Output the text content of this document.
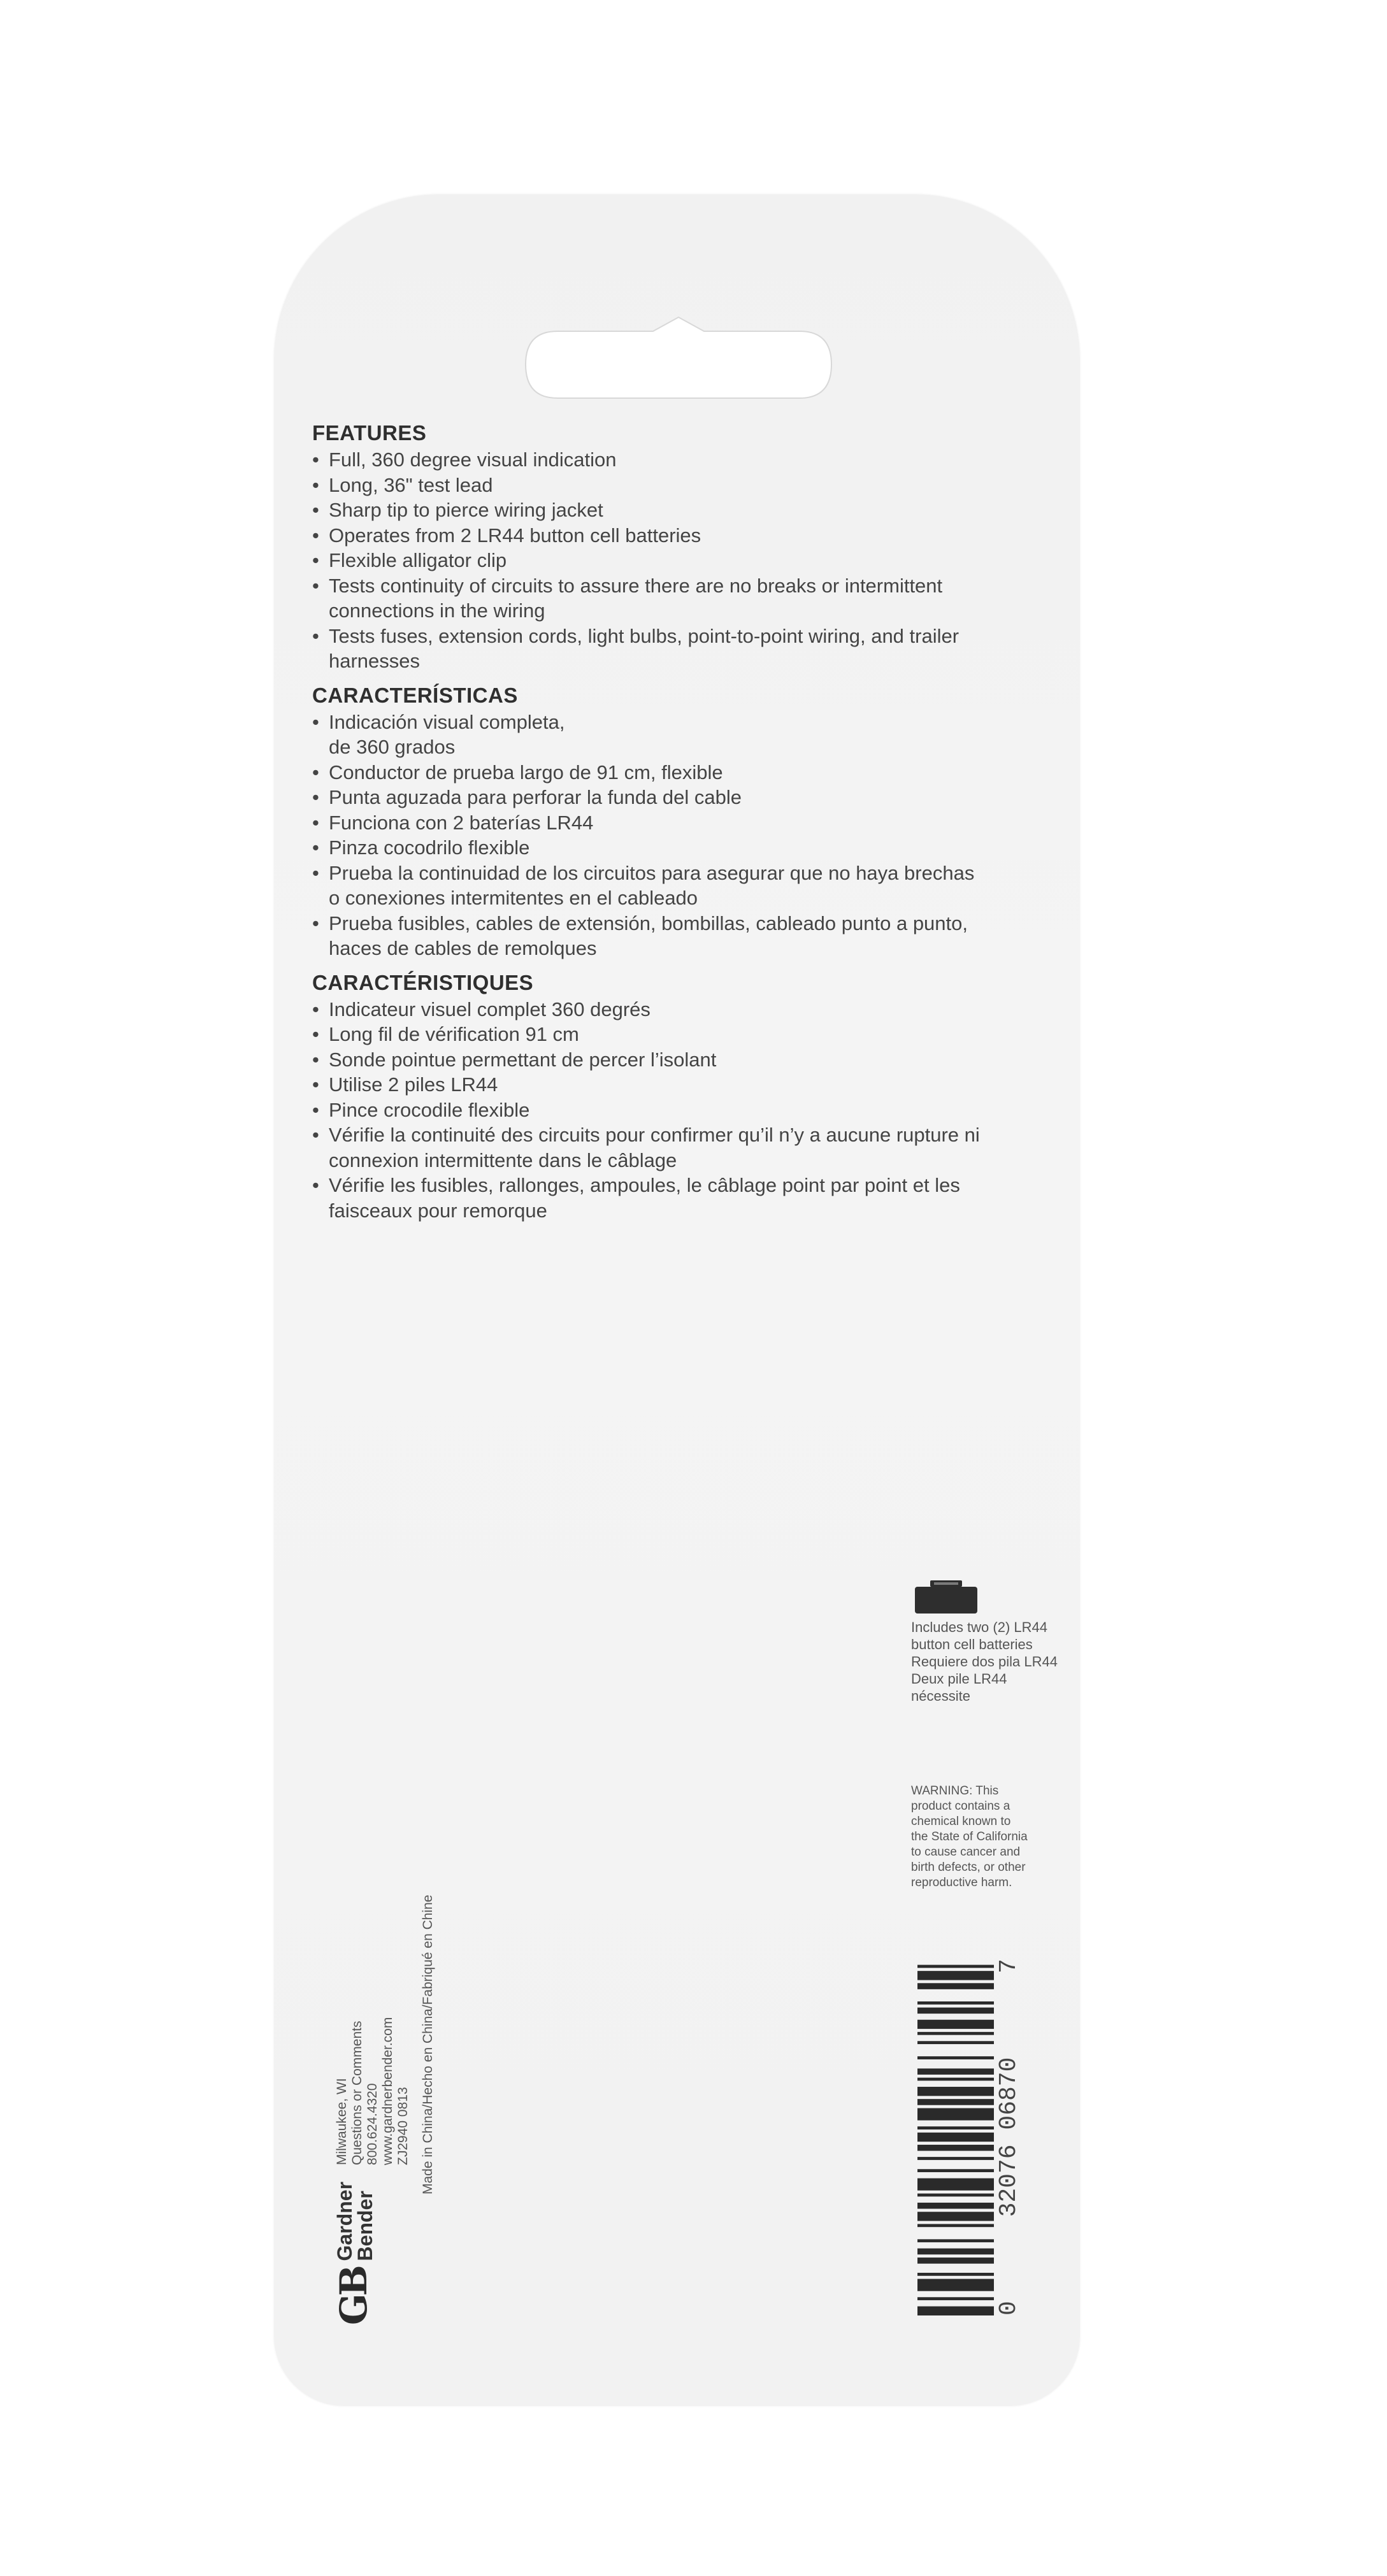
FEATURES
• Full, 360 degree visual indication
• Long, 36" test lead
• Sharp tip to pierce wiring jacket
• Operates from 2 LR44 button cell batteries
• Flexible alligator clip
• Tests continuity of circuits to assure there are no breaks or intermittent
connections in the wiring
• Tests fuses, extension cords, light bulbs, point-to-point wiring, and trailer
harnesses
CARACTERÍSTICAS
• Indicación visual completa,
de 360 grados
• Conductor de prueba largo de 91 cm, flexible
• Punta aguzada para perforar la funda del cable
• Funciona con 2 baterías LR44
• Pinza cocodrilo flexible
• Prueba la continuidad de los circuitos para asegurar que no haya brechas
o conexiones intermitentes en el cableado
• Prueba fusibles, cables de extensión, bombillas, cableado punto a punto,
haces de cables de remolques
CARACTÉRISTIQUES
• Indicateur visuel complet 360 degrés
• Long fil de vérification 91 cm
• Sonde pointue permettant de percer l’isolant
• Utilise 2 piles LR44
• Pince crocodile flexible
• Vérifie la continuité des circuits pour confirmer qu’il n’y a aucune rupture ni
connexion intermittente dans le câblage
• Vérifie les fusibles, rallonges, ampoules, le câblage point par point et les
faisceaux pour remorque

Includes two (2) LR44 button cell batteries

Requiere dos pila LR44

Deux pile LR44 nécessite

WARNING: This
product contains a
chemical known to
the State of California
to cause cancer and
birth defects, or other
reproductive harm.
GB
Gardner
Bender
Milwaukee, WI Questions or Comments 800.624.4320 www.gardnerbender.com ZJ2940 0813 Made in China/Hecho en China/Fabriqué en Chine
0
32076 06870
7
